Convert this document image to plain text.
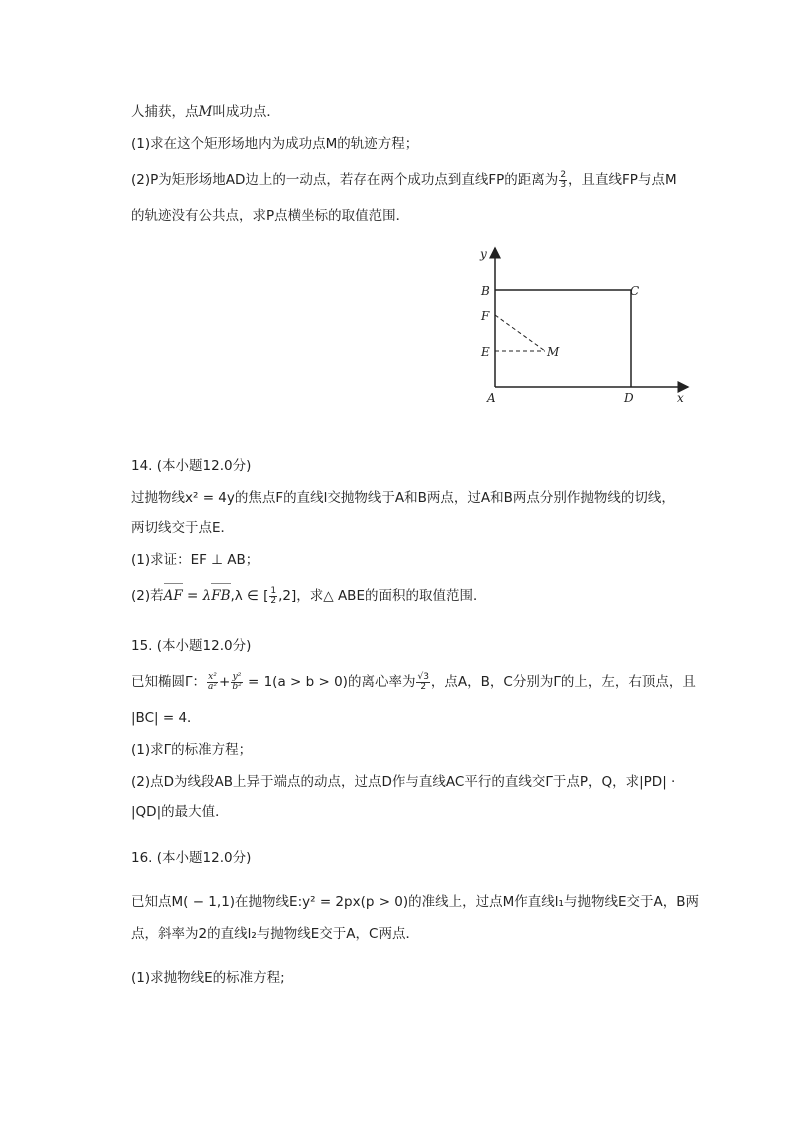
人捕获，点M叫成功点．
(1)求在这个矩形场地内为成功点M的轨迹方程；
(2)P为矩形场地AD边上的一动点，若存在两个成功点到直线FP的距离为 $\frac{2}{3}$ ，且直线FP与点M
的轨迹没有公共点，求P点横坐标的取值范围．
y
B	C
F
E	M
A	D	x
14. (本小题12.0分)
过抛物线x² = 4y的焦点F的直线l交抛物线于A和B两点，过A和B两点分别作抛物线的切线，
两切线交于点E．
(1)求证：EF ⊥ AB；
(2)若AF = λFB,λ ∈ [ $\frac{1}{2} ,2$]，求△ ABE的面积的取值范围．
15. (本小题12.0分)
已知椭圆Γ： $\frac{\text{x²}}{\text{a²}} + \frac{\text{y²}}{\text{b²}} = 1(a > b > 0)$的离心率为 $\frac{√3}{2}$ ，点A，B，C分别为Γ的上，左，右顶点，且
|BC| = 4．
(1)求Γ的标准方程；
(2)点D为线段AB上异于端点的动点，过点D作与直线AC平行的直线交Γ于点P，Q，求|PD| ·
|QD|的最大值．
16. (本小题12.0分)
已知点M( − 1,1)在抛物线E:y² = 2px(p > 0)的准线上，过点M作直线l₁与抛物线E交于A，B两
点，斜率为2的直线l₂与抛物线E交于A，C两点．
(1)求抛物线E的标准方程;
